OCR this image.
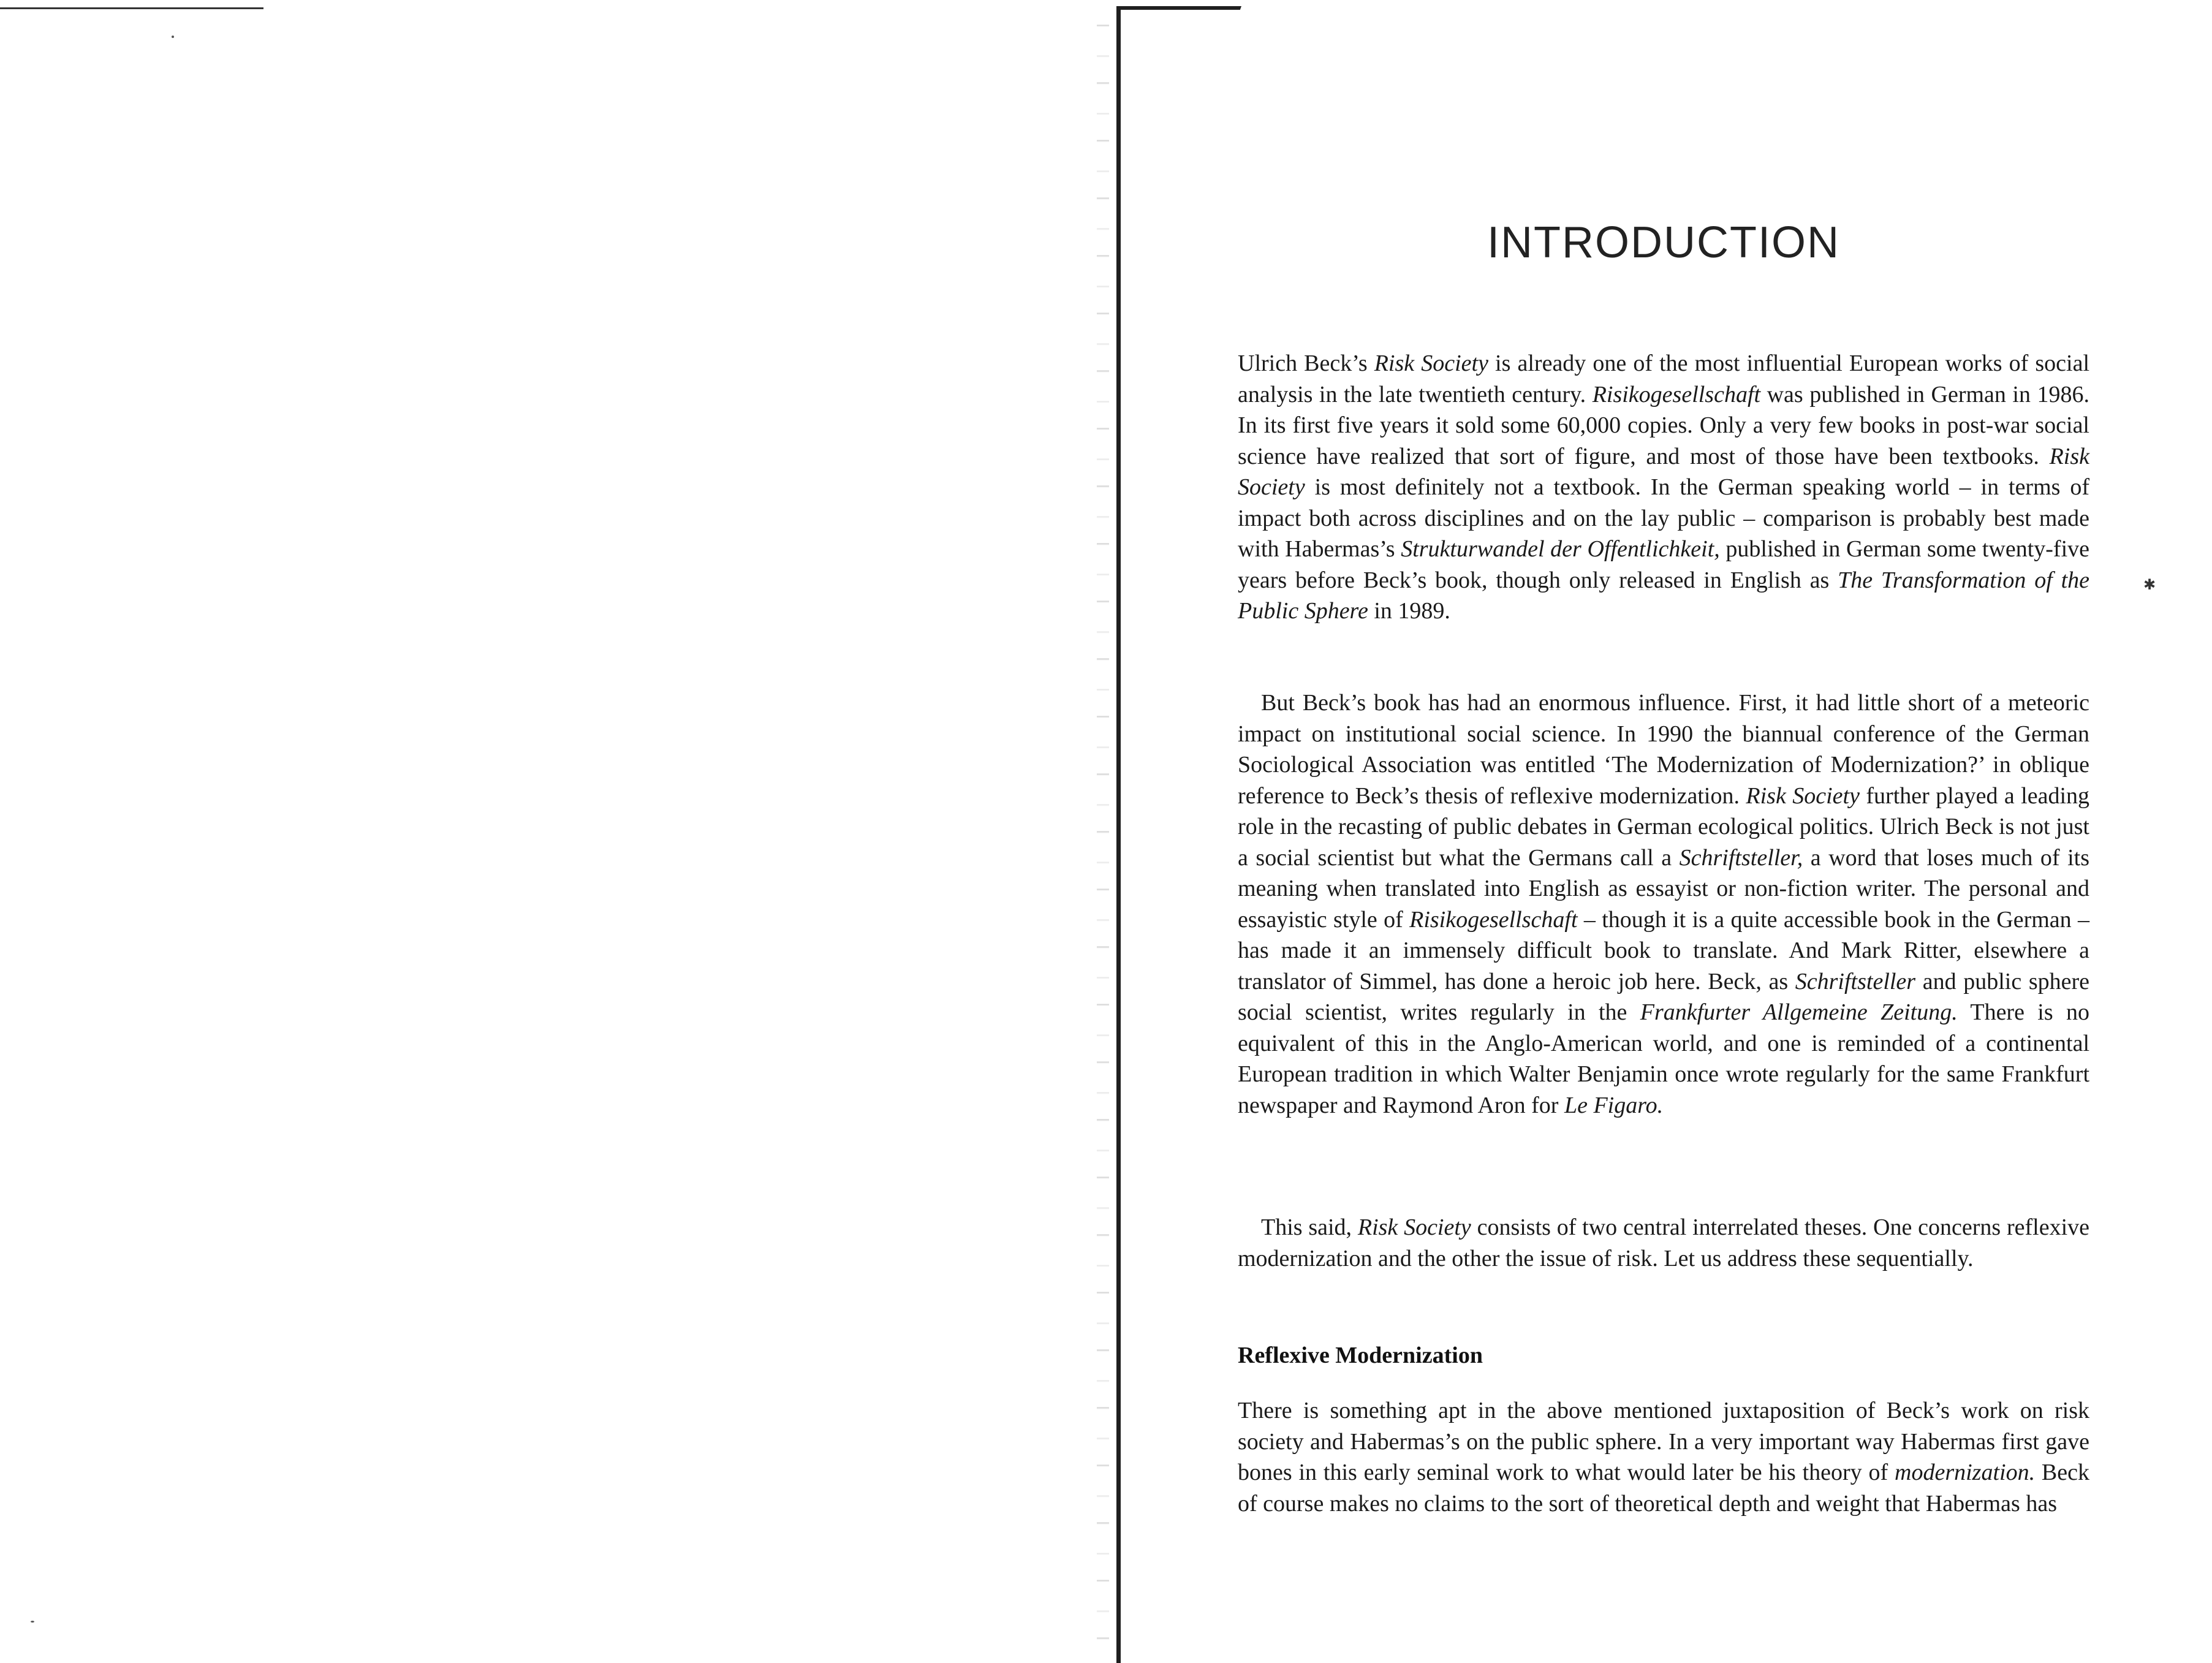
INTRODUCTION

Ulrich Beck’s Risk Society is already one of the most influential European works of social analysis in the late twentieth century. Risikogesellschaft was published in German in 1986. In its first five years it sold some 60,000 copies. Only a very few books in post-war social science have realized that sort of figure, and most of those have been textbooks. Risk Society is most definitely not a textbook. In the German speaking world – in terms of impact both across disciplines and on the lay public – comparison is probably best made with Habermas’s Strukturwandel der Offentlichkeit, published in German some twenty-five years before Beck’s book, though only released in English as The Transformation of the Public Sphere in 1989.

But Beck’s book has had an enormous influence. First, it had little short of a meteoric impact on institutional social science. In 1990 the biannual conference of the German Sociological Association was entitled ‘The Modernization of Modernization?’ in oblique reference to Beck’s thesis of reflexive modernization. Risk Society further played a leading role in the recasting of public debates in German ecological politics. Ulrich Beck is not just a social scientist but what the Germans call a Schriftsteller, a word that loses much of its meaning when translated into English as essayist or non-fiction writer. The personal and essayistic style of Risikogesellschaft – though it is a quite accessible book in the German – has made it an immensely difficult book to translate. And Mark Ritter, elsewhere a translator of Simmel, has done a heroic job here. Beck, as Schriftsteller and public sphere social scientist, writes regularly in the Frankfurter Allgemeine Zeitung. There is no equivalent of this in the Anglo-American world, and one is reminded of a continental European tradition in which Walter Benjamin once wrote regularly for the same Frankfurt newspaper and Raymond Aron for Le Figaro.

This said, Risk Society consists of two central interrelated theses. One concerns reflexive modernization and the other the issue of risk. Let us address these sequentially.

Reflexive Modernization

There is something apt in the above mentioned juxtaposition of Beck’s work on risk society and Habermas’s on the public sphere. In a very important way Habermas first gave bones in this early seminal work to what would later be his theory of modernization. Beck of course makes no claims to the sort of theoretical depth and weight that Habermas has

✱
